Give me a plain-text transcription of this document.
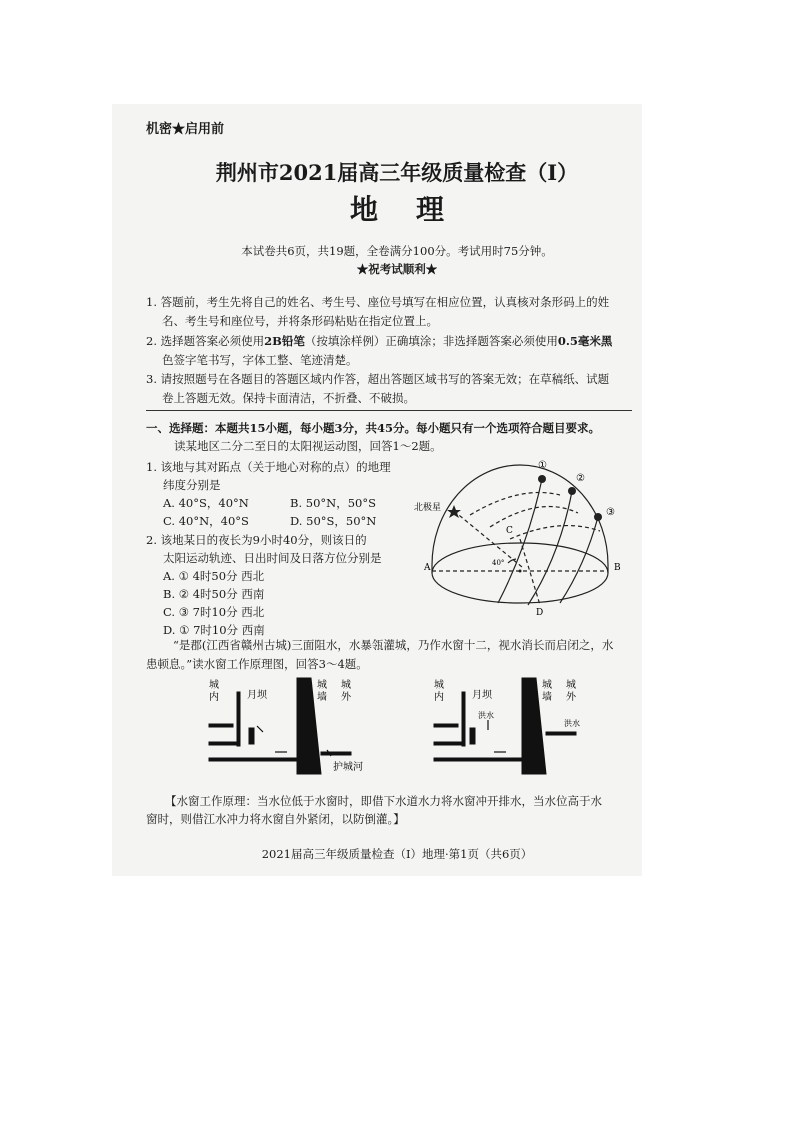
机密★启用前
荆州市2021届高三年级质量检查（Ⅰ）
地理
本试卷共6页，共19题，全卷满分100分。考试用时75分钟。
★祝考试顺利★
1. 答题前，考生先将自己的姓名、考生号、座位号填写在相应位置，认真核对条形码上的姓
名、考生号和座位号，并将条形码粘贴在指定位置上。
2. 选择题答案必须使用2B铅笔（按填涂样例）正确填涂；非选择题答案必须使用0.5毫米黑
色签字笔书写，字体工整、笔迹清楚。
3. 请按照题号在各题目的答题区域内作答，超出答题区域书写的答案无效；在草稿纸、试题
卷上答题无效。保持卡面清洁，不折叠、不破损。
一、选择题：本题共15小题，每小题3分，共45分。每小题只有一个选项符合题目要求。
读某地区二分二至日的太阳视运动图，回答1～2题。
1. 该地与其对跖点（关于地心对称的点）的地理
纬度分别是
A. 40°S，40°N	B. 50°N，50°S
C. 40°N，40°S	D. 50°S，50°N
2. 该地某日的夜长为9小时40分，则该日的
太阳运动轨迹、日出时间及日落方位分别是
A. ① 4时50分 西北
B. ② 4时50分 西南
C. ③ 7时10分 西北
D. ① 7时10分 西南
北极星
A	B
C
D
40°
①
②
③
“是郡(江西省赣州古城)三面阻水，水暴瓴灌城，乃作水窗十二，视水消长而启闭之，水
患顿息。”读水窗工作原理图，回答3～4题。
城
内	月坝
城
墙
城
外
护城河
城
内	月坝
洪水
城
墙
城
外
洪水
【水窗工作原理：当水位低于水窗时，即借下水道水力将水窗冲开排水，当水位高于水
窗时，则借江水冲力将水窗自外紧闭，以防倒灌。】
2021届高三年级质量检查（Ⅰ）地理·第1页（共6页）
